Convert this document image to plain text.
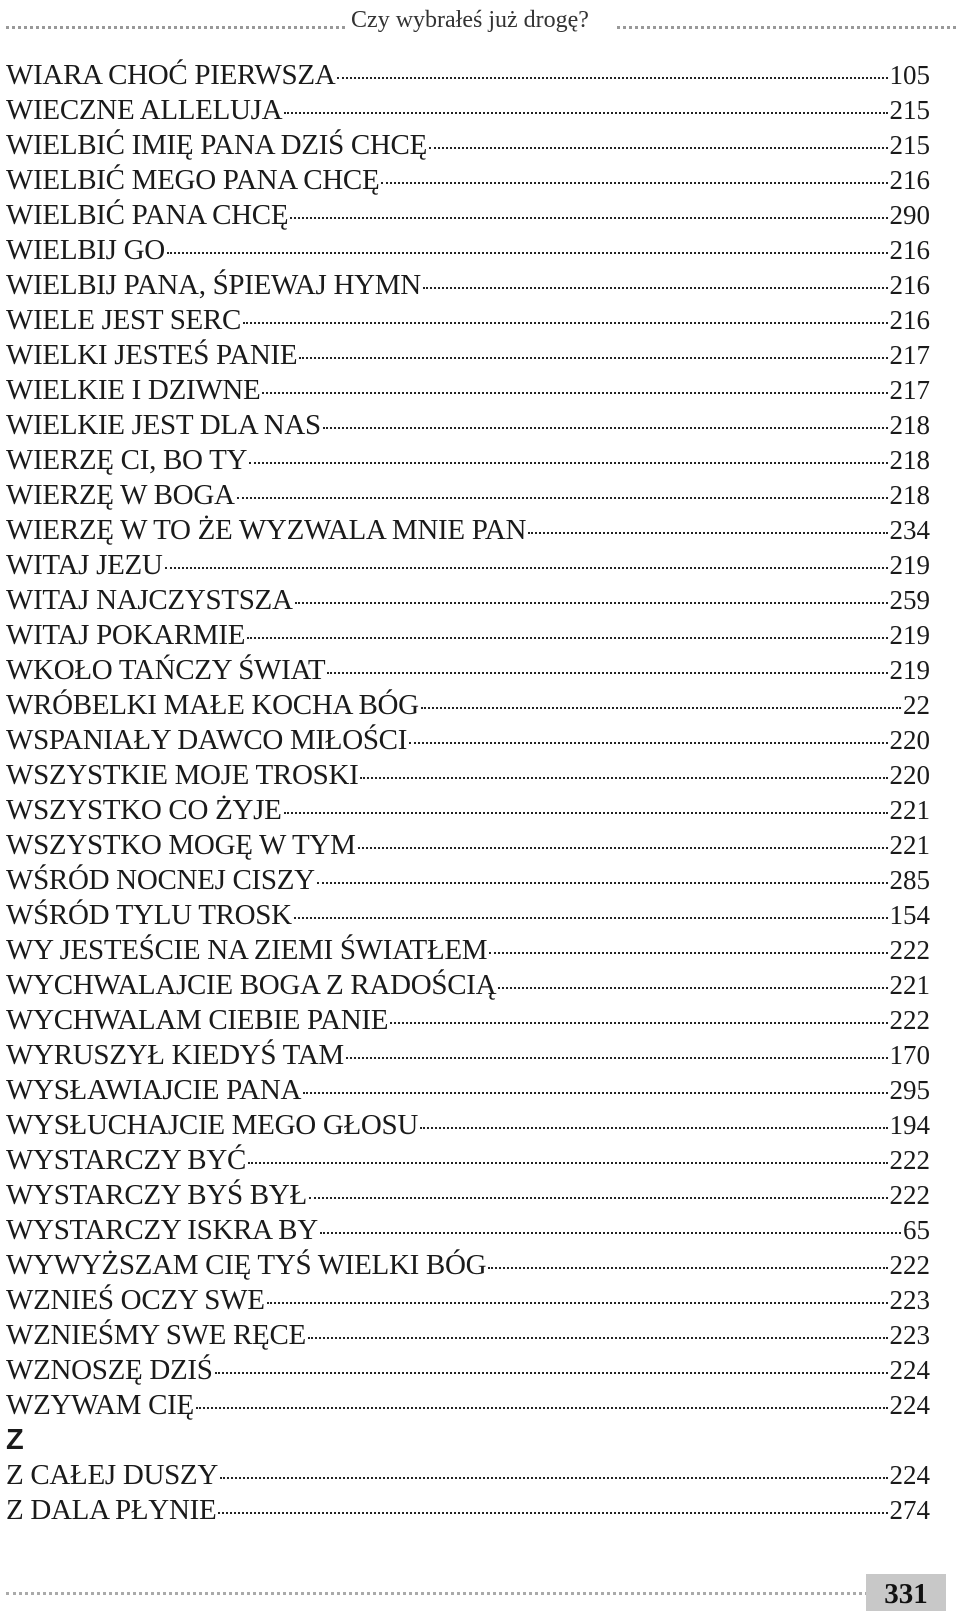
Czy wybrałeś już drogę?
WIARA CHOĆ PIERWSZA	105
WIECZNE ALLELUJA	215
WIELBIĆ IMIĘ PANA DZIŚ CHCĘ	215
WIELBIĆ MEGO PANA CHCĘ	216
WIELBIĆ PANA CHCĘ	290
WIELBIJ GO	216
WIELBIJ PANA, ŚPIEWAJ HYMN	216
WIELE JEST SERC	216
WIELKI JESTEŚ PANIE	217
WIELKIE I DZIWNE	217
WIELKIE JEST DLA NAS	218
WIERZĘ CI, BO TY	218
WIERZĘ W BOGA	218
WIERZĘ W TO ŻE WYZWALA MNIE PAN	234
WITAJ JEZU	219
WITAJ NAJCZYSTSZA	259
WITAJ POKARMIE	219
WKOŁO TAŃCZY ŚWIAT	219
WRÓBELKI MAŁE KOCHA BÓG	22
WSPANIAŁY DAWCO MIŁOŚCI	220
WSZYSTKIE MOJE TROSKI	220
WSZYSTKO CO ŻYJE	221
WSZYSTKO MOGĘ W TYM	221
WŚRÓD NOCNEJ CISZY	285
WŚRÓD TYLU TROSK	154
WY JESTEŚCIE NA ZIEMI ŚWIATŁEM	222
WYCHWALAJCIE BOGA Z RADOŚCIĄ	221
WYCHWALAM CIEBIE PANIE	222
WYRUSZYŁ KIEDYŚ TAM	170
WYSŁAWIAJCIE PANA	295
WYSŁUCHAJCIE MEGO GŁOSU	194
WYSTARCZY BYĆ	222
WYSTARCZY BYŚ BYŁ	222
WYSTARCZY ISKRA BY	65
WYWYŻSZAM CIĘ TYŚ WIELKI BÓG	222
WZNIEŚ OCZY SWE	223
WZNIEŚMY SWE RĘCE	223
WZNOSZĘ DZIŚ	224
WZYWAM CIĘ	224
Z
Z CAŁEJ DUSZY	224
Z DALA PŁYNIE	274
331
